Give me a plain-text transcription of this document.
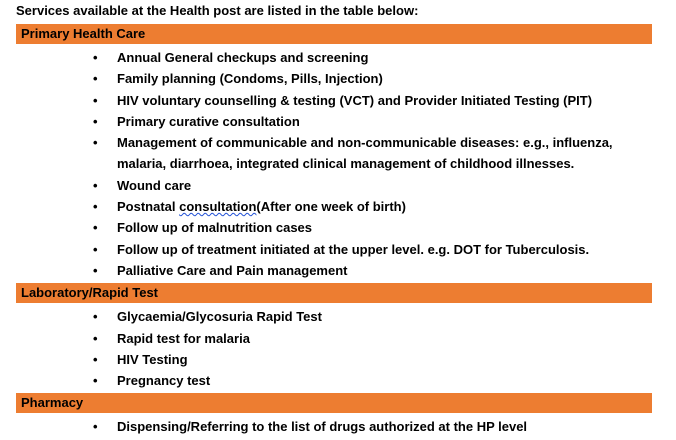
Services available at the Health post are listed in the table below:
Primary Health Care
• Annual General checkups and screening
• Family planning (Condoms, Pills, Injection)
• HIV voluntary counselling & testing (VCT) and Provider Initiated Testing (PIT)
• Primary curative consultation
• Management of communicable and non-communicable diseases: e.g., influenza, malaria, diarrhoea, integrated clinical management of childhood illnesses.
• Wound care
• Postnatal consultation(After one week of birth)
• Follow up of malnutrition cases
• Follow up of treatment initiated at the upper level. e.g. DOT for Tuberculosis.
• Palliative Care and Pain management
Laboratory/Rapid Test
• Glycaemia/Glycosuria Rapid Test
• Rapid test for malaria
• HIV Testing
• Pregnancy test
Pharmacy
• Dispensing/Referring to the list of drugs authorized at the HP level
